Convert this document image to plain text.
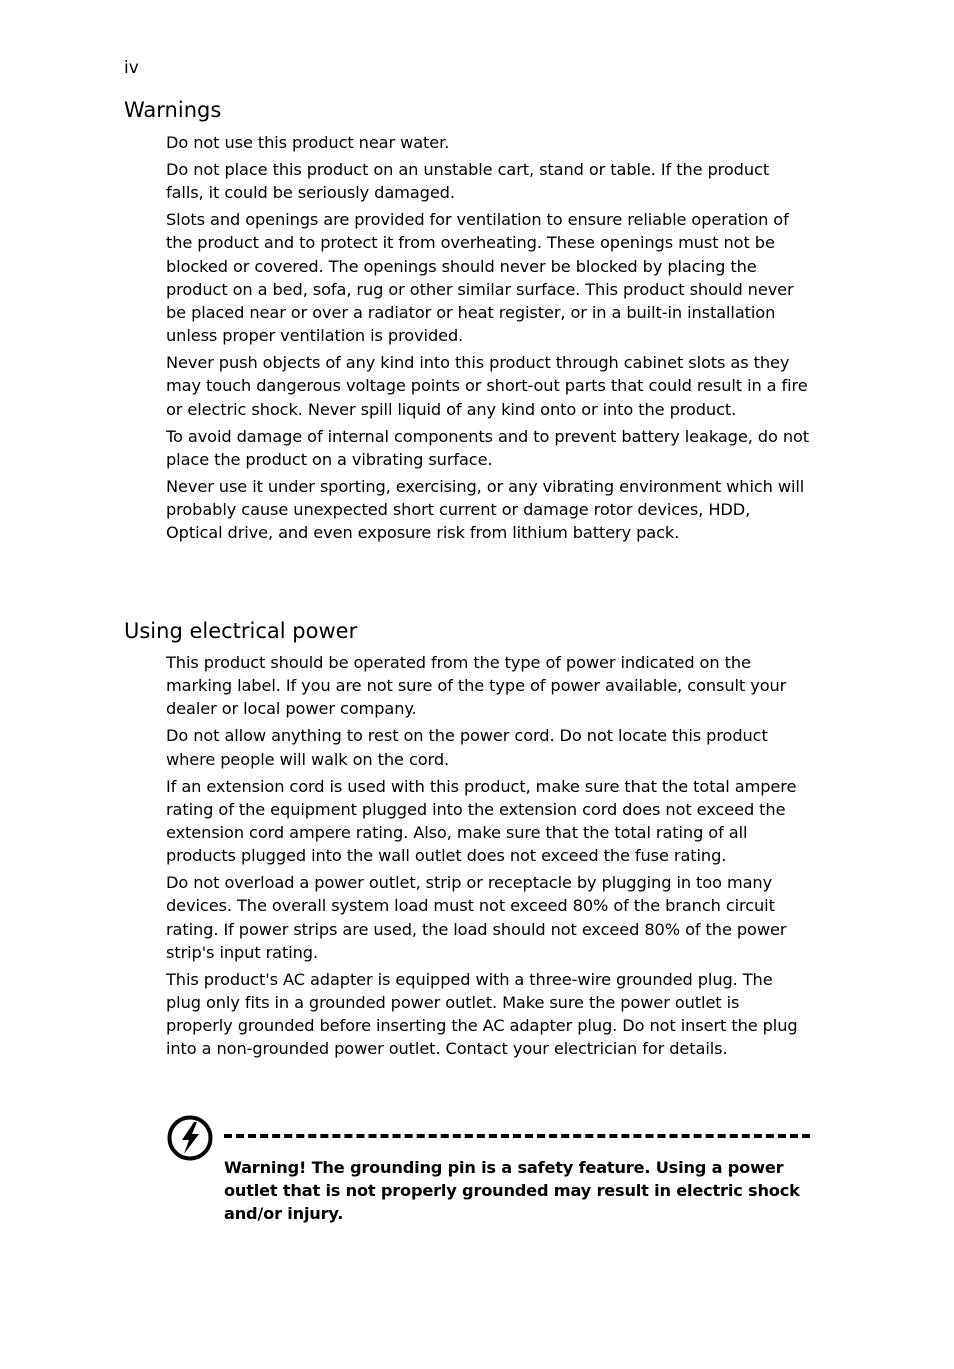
iv
Warnings

Do not use this product near water.

Do not place this product on an unstable cart, stand or table. If the product falls, it could be seriously damaged.

Slots and openings are provided for ventilation to ensure reliable operation of the product and to protect it from overheating. These openings must not be blocked or covered. The openings should never be blocked by placing the product on a bed, sofa, rug or other similar surface. This product should never be placed near or over a radiator or heat register, or in a built-in installation unless proper ventilation is provided.

Never push objects of any kind into this product through cabinet slots as they may touch dangerous voltage points or short-out parts that could result in a fire or electric shock. Never spill liquid of any kind onto or into the product.

To avoid damage of internal components and to prevent battery leakage, do not place the product on a vibrating surface.

Never use it under sporting, exercising, or any vibrating environment which will probably cause unexpected short current or damage rotor devices, HDD, Optical drive, and even exposure risk from lithium battery pack.

Using electrical power

This product should be operated from the type of power indicated on the marking label. If you are not sure of the type of power available, consult your dealer or local power company.

Do not allow anything to rest on the power cord. Do not locate this product where people will walk on the cord.

If an extension cord is used with this product, make sure that the total ampere rating of the equipment plugged into the extension cord does not exceed the extension cord ampere rating. Also, make sure that the total rating of all products plugged into the wall outlet does not exceed the fuse rating.

Do not overload a power outlet, strip or receptacle by plugging in too many devices. The overall system load must not exceed 80% of the branch circuit rating. If power strips are used, the load should not exceed 80% of the power strip's input rating.

This product's AC adapter is equipped with a three-wire grounded plug. The plug only fits in a grounded power outlet. Make sure the power outlet is properly grounded before inserting the AC adapter plug. Do not insert the plug into a non-grounded power outlet. Contact your electrician for details.

Warning! The grounding pin is a safety feature. Using a power outlet that is not properly grounded may result in electric shock and/or injury.
